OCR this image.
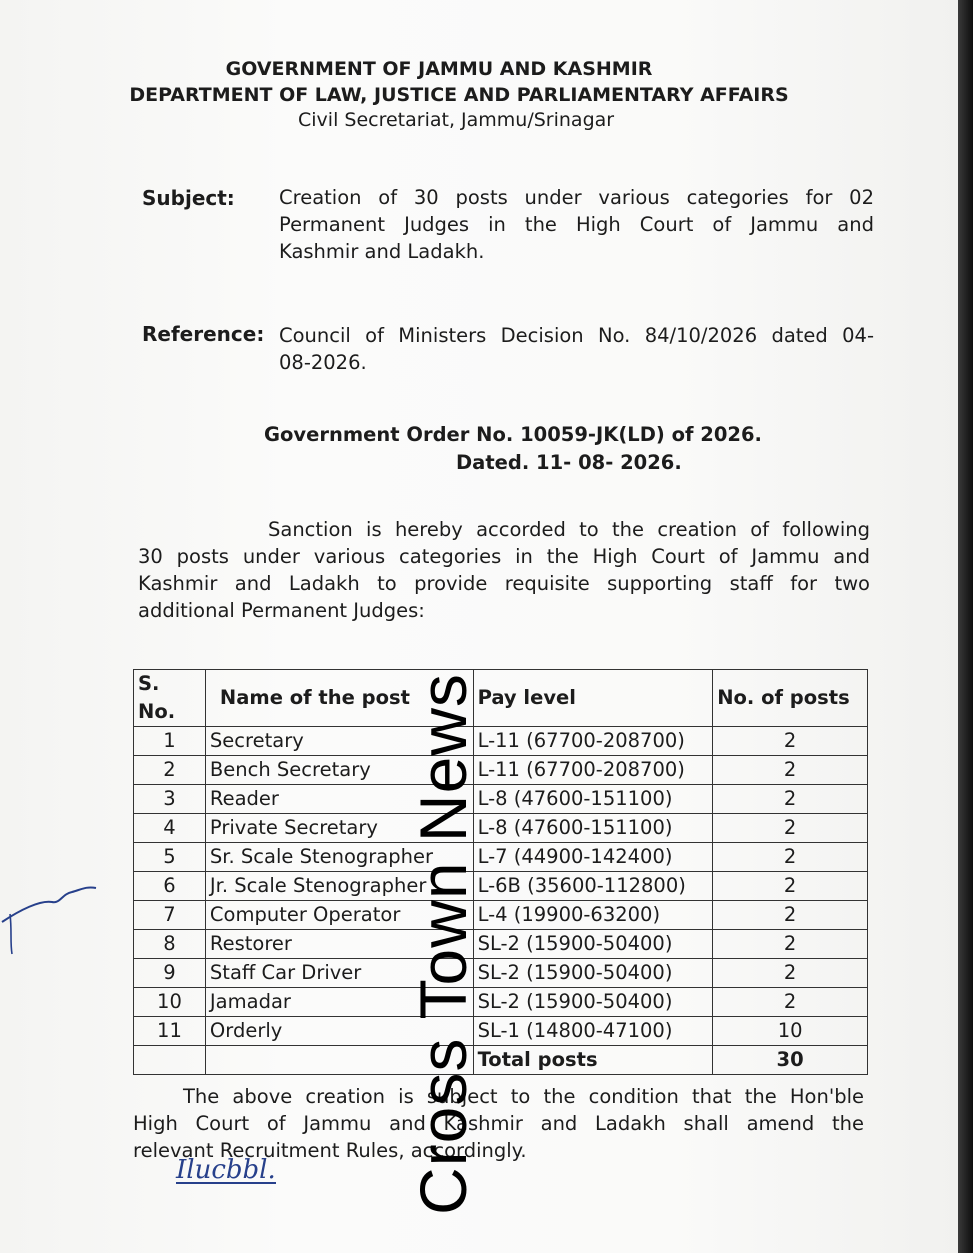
GOVERNMENT OF JAMMU AND KASHMIR
DEPARTMENT OF LAW, JUSTICE AND PARLIAMENTARY AFFAIRS
Civil Secretariat, Jammu/Srinagar
Subject: Creation of 30 posts under various categories for 02
Permanent Judges in the High Court of Jammu and
Kashmir and Ladakh.
Reference: Council of Ministers Decision No. 84/10/2026 dated 04-
08-2026.
Government Order No. 10059-JK(LD) of 2026.
Dated. 11- 08- 2026.
Sanction is hereby accorded to the creation of following
30 posts under various categories in the High Court of Jammu and
Kashmir and Ladakh to provide requisite supporting staff for two
additional Permanent Judges:
S. No.	Name of the post	Pay level	No. of posts
1	Secretary	L-11 (67700-208700)	2
2	Bench Secretary	L-11 (67700-208700)	2
3	Reader	L-8 (47600-151100)	2
4	Private Secretary	L-8 (47600-151100)	2
5	Sr. Scale Stenographer	L-7 (44900-142400)	2
6	Jr. Scale Stenographer	L-6B (35600-112800)	2
7	Computer Operator	L-4 (19900-63200)	2
8	Restorer	SL-2 (15900-50400)	2
9	Staff Car Driver	SL-2 (15900-50400)	2
10	Jamadar	SL-2 (15900-50400)	2
11	Orderly	SL-1 (14800-47100)	10
		Total posts	30
The above creation is subject to the condition that the Hon'ble
High Court of Jammu and Kashmir and Ladakh shall amend the
relevant Recruitment Rules, accordingly.
Ilucbbl. Cross Town News
